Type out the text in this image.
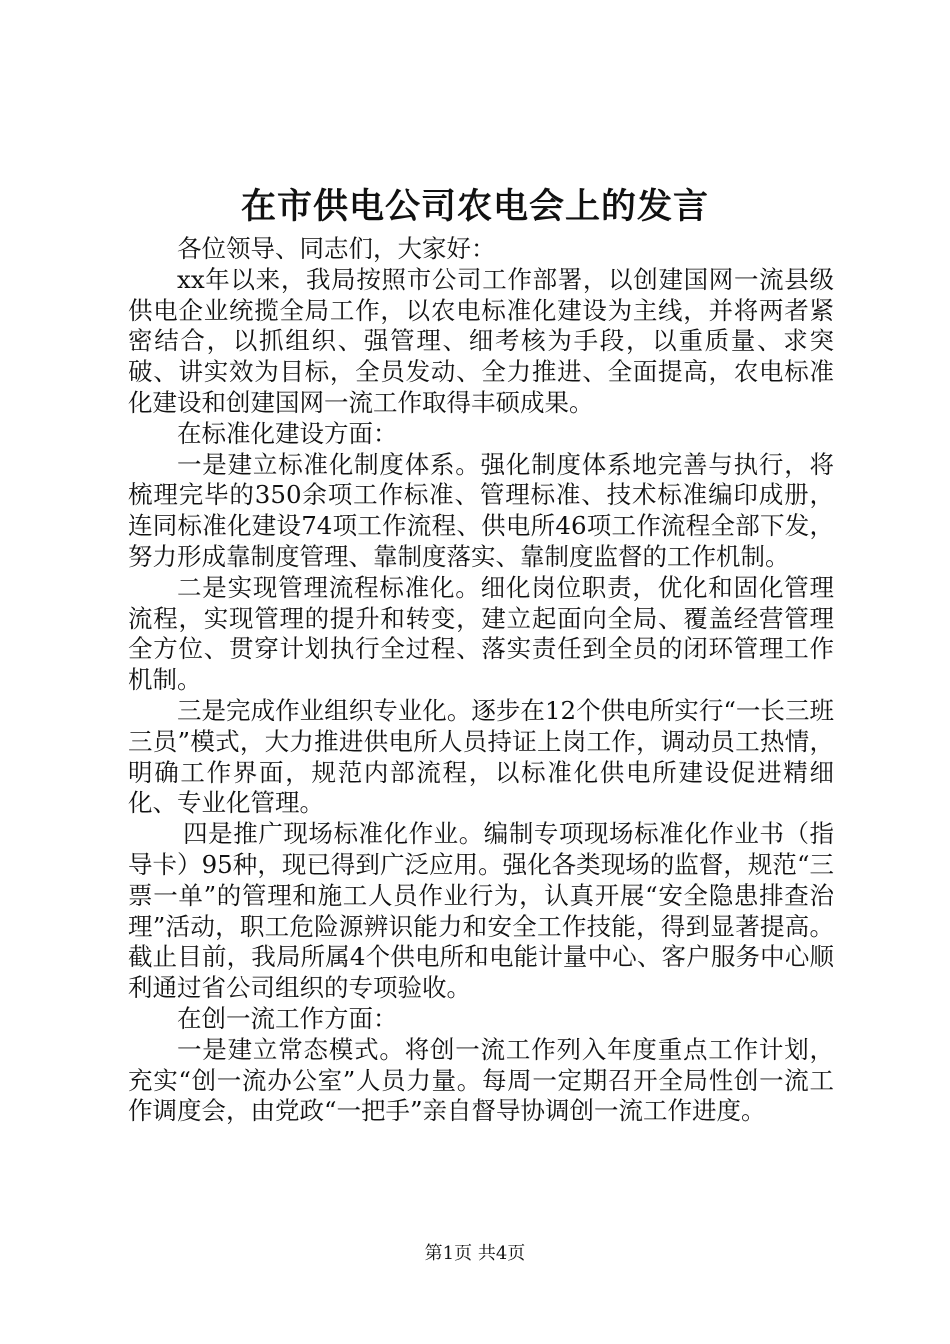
在市供电公司农电会上的发言

各位领导、同志们，大家好：

xx年以来，我局按照市公司工作部署，以创建国网一流县级供电企业统揽全局工作，以农电标准化建设为主线，并将两者紧密结合，以抓组织、强管理、细考核为手段，以重质量、求突破、讲实效为目标，全员发动、全力推进、全面提高，农电标准化建设和创建国网一流工作取得丰硕成果。

在标准化建设方面：

一是建立标准化制度体系。强化制度体系地完善与执行，将梳理完毕的350余项工作标准、管理标准、技术标准编印成册，连同标准化建设74项工作流程、供电所46项工作流程全部下发，努力形成靠制度管理、靠制度落实、靠制度监督的工作机制。

二是实现管理流程标准化。细化岗位职责，优化和固化管理流程，实现管理的提升和转变，建立起面向全局、覆盖经营管理全方位、贯穿计划执行全过程、落实责任到全员的闭环管理工作机制。

三是完成作业组织专业化。逐步在12个供电所实行“一长三班三员”模式，大力推进供电所人员持证上岗工作，调动员工热情，明确工作界面，规范内部流程，以标准化供电所建设促进精细化、专业化管理。

四是推广现场标准化作业。编制专项现场标准化作业书（指导卡）95种，现已得到广泛应用。强化各类现场的监督，规范“三票一单”的管理和施工人员作业行为，认真开展“安全隐患排查治理”活动，职工危险源辨识能力和安全工作技能，得到显著提高。截止目前，我局所属4个供电所和电能计量中心、客户服务中心顺利通过省公司组织的专项验收。

在创一流工作方面：

一是建立常态模式。将创一流工作列入年度重点工作计划，充实“创一流办公室”人员力量。每周一定期召开全局性创一流工作调度会，由党政“一把手”亲自督导协调创一流工作进度。

第1页 共4页
